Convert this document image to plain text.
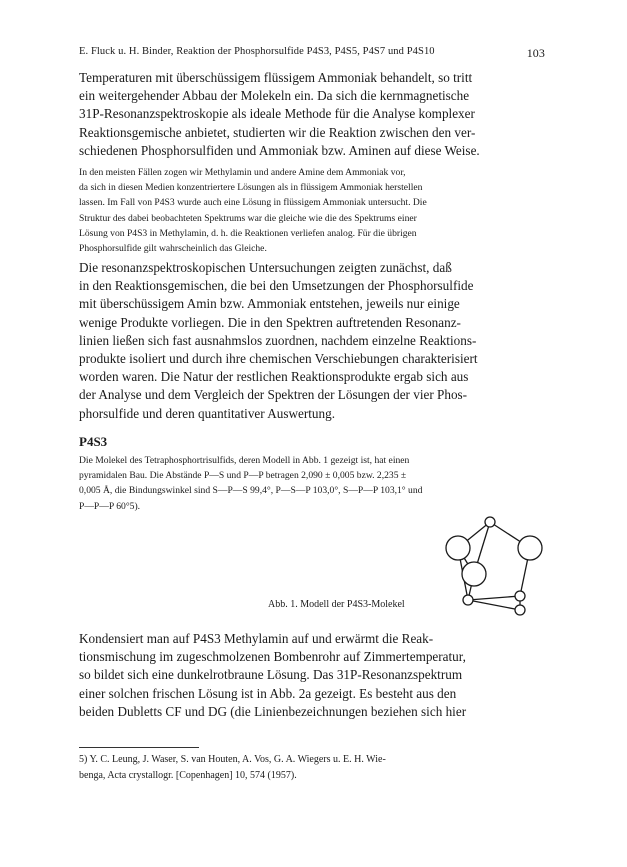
E. Fluck u. H. Binder, Reaktion der Phosphorsulfide P4S3, P4S5, P4S7 und P4S10	103
Temperaturen mit überschüssigem flüssigem Ammoniak behandelt, so tritt
ein weitergehender Abbau der Molekeln ein. Da sich die kernmagnetische
31P-Resonanzspektroskopie als ideale Methode für die Analyse komplexer
Reaktionsgemische anbietet, studierten wir die Reaktion zwischen den ver-
schiedenen Phosphorsulfiden und Ammoniak bzw. Aminen auf diese Weise.
In den meisten Fällen zogen wir Methylamin und andere Amine dem Ammoniak vor,
da sich in diesen Medien konzentriertere Lösungen als in flüssigem Ammoniak herstellen
lassen. Im Fall von P4S3 wurde auch eine Lösung in flüssigem Ammoniak untersucht. Die
Struktur des dabei beobachteten Spektrums war die gleiche wie die des Spektrums einer
Lösung von P4S3 in Methylamin, d. h. die Reaktionen verliefen analog. Für die übrigen
Phosphorsulfide gilt wahrscheinlich das Gleiche.
Die resonanzspektroskopischen Untersuchungen zeigten zunächst, daß
in den Reaktionsgemischen, die bei den Umsetzungen der Phosphorsulfide
mit überschüssigem Amin bzw. Ammoniak entstehen, jeweils nur einige
wenige Produkte vorliegen. Die in den Spektren auftretenden Resonanz-
linien ließen sich fast ausnahmslos zuordnen, nachdem einzelne Reaktions-
produkte isoliert und durch ihre chemischen Verschiebungen charakterisiert
worden waren. Die Natur der restlichen Reaktionsprodukte ergab sich aus
der Analyse und dem Vergleich der Spektren der Lösungen der vier Phos-
phorsulfide und deren quantitativer Auswertung.
P4S3
Die Molekel des Tetraphosphortrisulfids, deren Modell in Abb. 1 gezeigt ist, hat einen
pyramidalen Bau. Die Abstände P—S und P—P betragen 2,090 ± 0,005 bzw. 2,235 ±
0,005 Å, die Bindungswinkel sind S—P—S 99,4°, P—S—P 103,0°, S—P—P 103,1° und
P—P—P 60°5).
Abb. 1. Modell der P4S3-Molekel
Kondensiert man auf P4S3 Methylamin auf und erwärmt die Reak-
tionsmischung im zugeschmolzenen Bombenrohr auf Zimmertemperatur,
so bildet sich eine dunkelrotbraune Lösung. Das 31P-Resonanzspektrum
einer solchen frischen Lösung ist in Abb. 2a gezeigt. Es besteht aus den
beiden Dubletts CF und DG (die Linienbezeichnungen beziehen sich hier
5) Y. C. Leung, J. Waser, S. van Houten, A. Vos, G. A. Wiegers u. E. H. Wie-
benga, Acta crystallogr. [Copenhagen] 10, 574 (1957).
